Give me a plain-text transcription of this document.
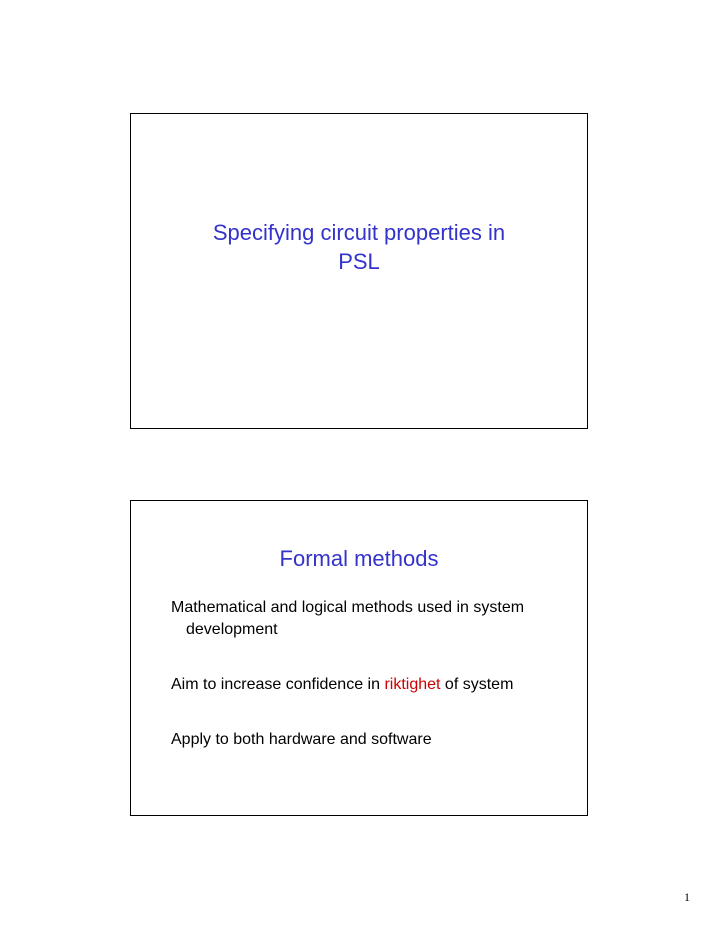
Specifying circuit properties in
PSL
Formal methods
Mathematical and logical methods used in system development
Aim to increase confidence in riktighet of system
Apply to both hardware and software
1
